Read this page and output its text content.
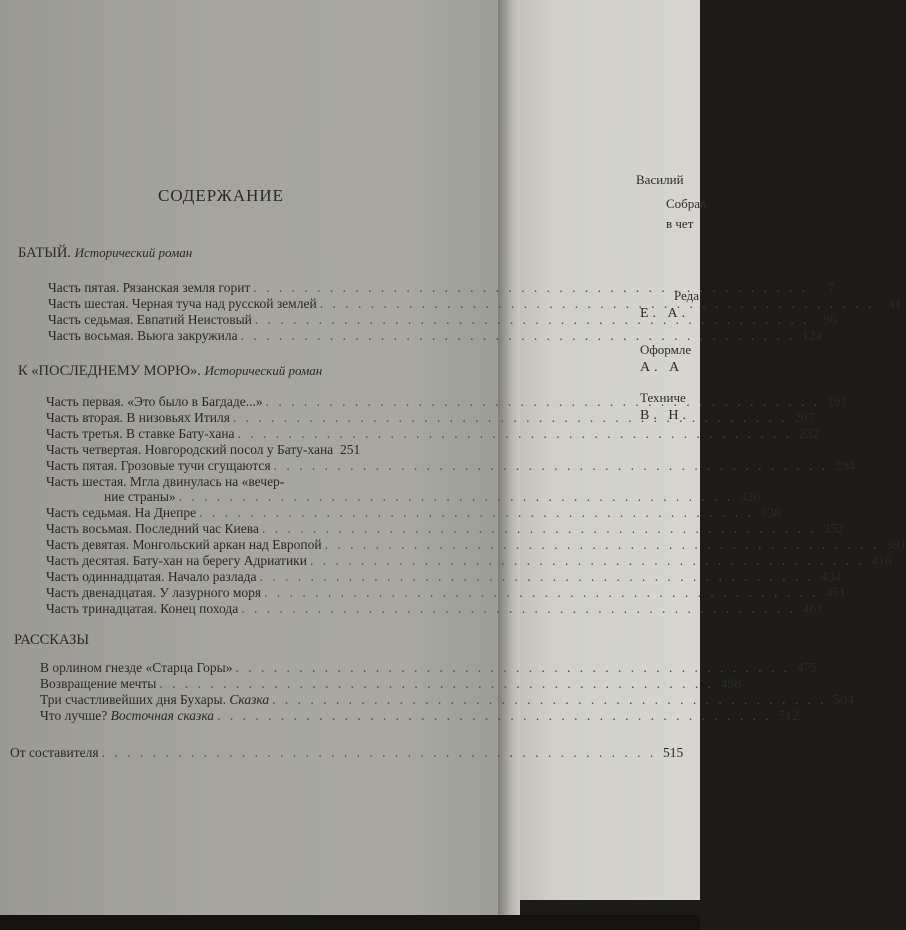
СОДЕРЖАНИЕ
БАТЫЙ. Исторический роман
Часть пятая. Рязанская земля горит . . .	7
Часть шестая. Черная туча над русской землей . . .	41
Часть седьмая. Евпатий Неистовый . . .	96
Часть восьмая. Вьюга закружила . . .	124
К «ПОСЛЕДНЕМУ МОРЮ». Исторический роман
Часть первая. «Это было в Багдаде...» . . .	191
Часть вторая. В низовьях Итиля . . .	207
Часть третья. В ставке Бату-хана . . .	232
Часть четвертая. Новгородский посол у Бату-хана 251
Часть пятая. Грозовые тучи сгущаются . . .	294
Часть шестая. Мгла двинулась на «вечер-
ние страны» . . .	320
Часть седьмая. На Днепре . . .	338
Часть восьмая. Последний час Киева . . .	352
Часть девятая. Монгольский аркан над Европой . . .	391
Часть десятая. Бату-хан на берегу Адриатики . . .	416
Часть одиннадцатая. Начало разлада . . .	434
Часть двенадцатая. У лазурного моря . . .	451
Часть тринадцатая. Конец похода . . .	461
РАССКАЗЫ
В орлином гнезде «Старца Горы» . . .	475
Возвращение мечты . . .	498
Три счастливейших дня Бухары. Сказка . . .	504
Что лучше? Восточная сказка . . .	512
От составителя . . .	515
Василий
Собрав
в чет
Реда
Е. А.
Оформле
А. А
Техниче
В. Н.
